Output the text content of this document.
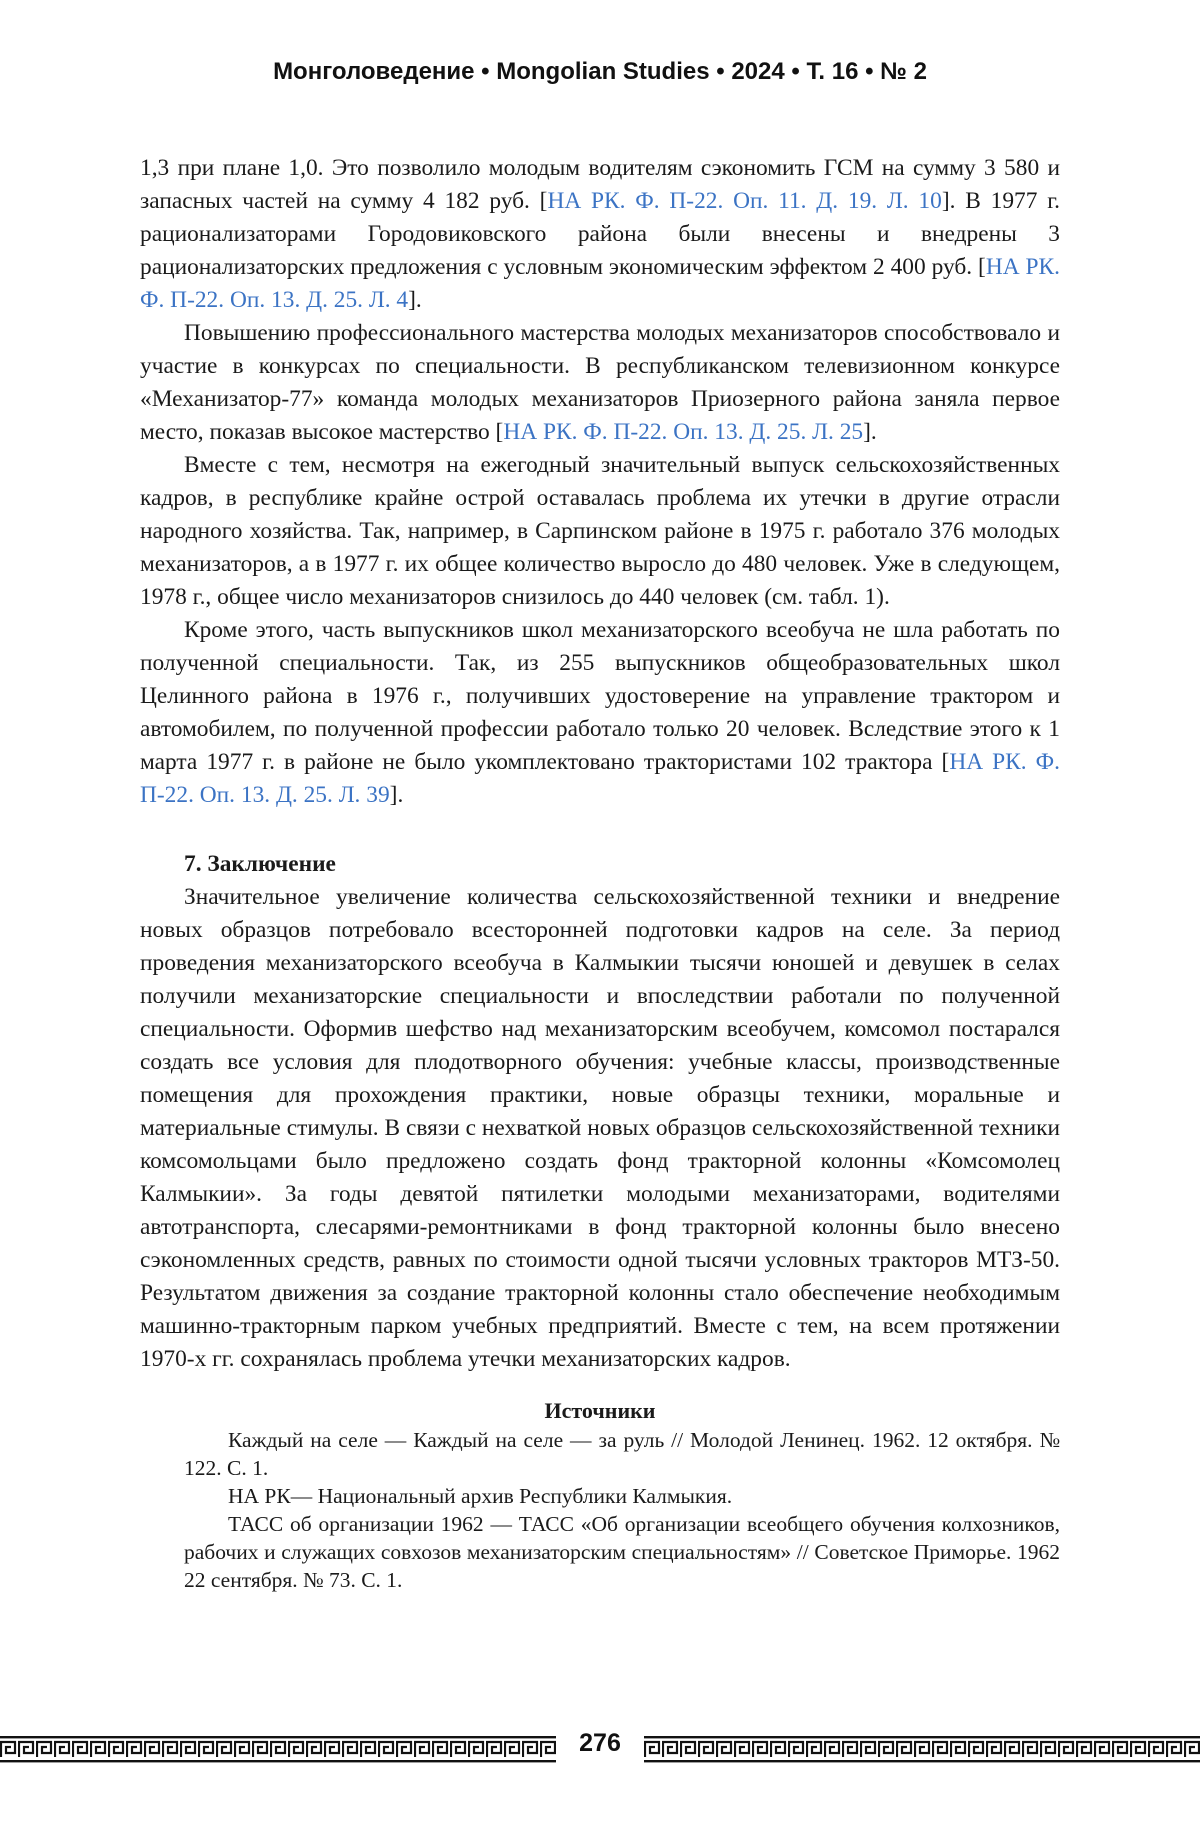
Монголоведение • Mongolian Studies • 2024 • Т. 16 • № 2

1,3 при плане 1,0. Это позволило молодым водителям сэкономить ГСМ на сумму 3 580 и запасных частей на сумму 4 182 руб. [НА РК. Ф. П-22. Оп. 11. Д. 19. Л. 10]. В 1977 г. рационализаторами Городовиковского района были внесены и внедрены 3 рационализаторских предложения с условным экономическим эффектом 2 400 руб. [НА РК. Ф. П-22. Оп. 13. Д. 25. Л. 4].

Повышению профессионального мастерства молодых механизаторов способствовало и участие в конкурсах по специальности. В республиканском телевизионном конкурсе «Механизатор-77» команда молодых механизаторов Приозерного района заняла первое место, показав высокое мастерство [НА РК. Ф. П-22. Оп. 13. Д. 25. Л. 25].

Вместе с тем, несмотря на ежегодный значительный выпуск сельскохозяйственных кадров, в республике крайне острой оставалась проблема их утечки в другие отрасли народного хозяйства. Так, например, в Сарпинском районе в 1975 г. работало 376 молодых механизаторов, а в 1977 г. их общее количество выросло до 480 человек. Уже в следующем, 1978 г., общее число механизаторов снизилось до 440 человек (см. табл. 1).

Кроме этого, часть выпускников школ механизаторского всеобуча не шла работать по полученной специальности. Так, из 255 выпускников общеобразовательных школ Целинного района в 1976 г., получивших удостоверение на управление трактором и автомобилем, по полученной профессии работало только 20 человек. Вследствие этого к 1 марта 1977 г. в районе не было укомплектовано трактористами 102 трактора [НА РК. Ф. П-22. Оп. 13. Д. 25. Л. 39].

7. Заключение

Значительное увеличение количества сельскохозяйственной техники и внедрение новых образцов потребовало всесторонней подготовки кадров на селе. За период проведения механизаторского всеобуча в Калмыкии тысячи юношей и девушек в селах получили механизаторские специальности и впоследствии работали по полученной специальности. Оформив шефство над механизаторским всеобучем, комсомол постарался создать все условия для плодотворного обучения: учебные классы, производственные помещения для прохождения практики, новые образцы техники, моральные и материальные стимулы. В связи с нехваткой новых образцов сельскохозяйственной техники комсомольцами было предложено создать фонд тракторной колонны «Комсомолец Калмыкии». За годы девятой пятилетки молодыми механизаторами, водителями автотранспорта, слесарями-ремонтниками в фонд тракторной колонны было внесено сэкономленных средств, равных по стоимости одной тысячи условных тракторов МТЗ-50. Результатом движения за создание тракторной колонны стало обеспечение необходимым машинно-тракторным парком учебных предприятий. Вместе с тем, на всем протяжении 1970-х гг. сохранялась проблема утечки механизаторских кадров.

Источники

Каждый на селе — Каждый на селе — за руль // Молодой Ленинец. 1962. 12 октября. № 122. С. 1.

НА РК— Национальный архив Республики Калмыкия.

ТАСС об организации 1962 — ТАСС «Об организации всеобщего обучения колхозников, рабочих и служащих совхозов механизаторским специальностям» // Советское Приморье. 1962 22 сентября. № 73. С. 1.

276
